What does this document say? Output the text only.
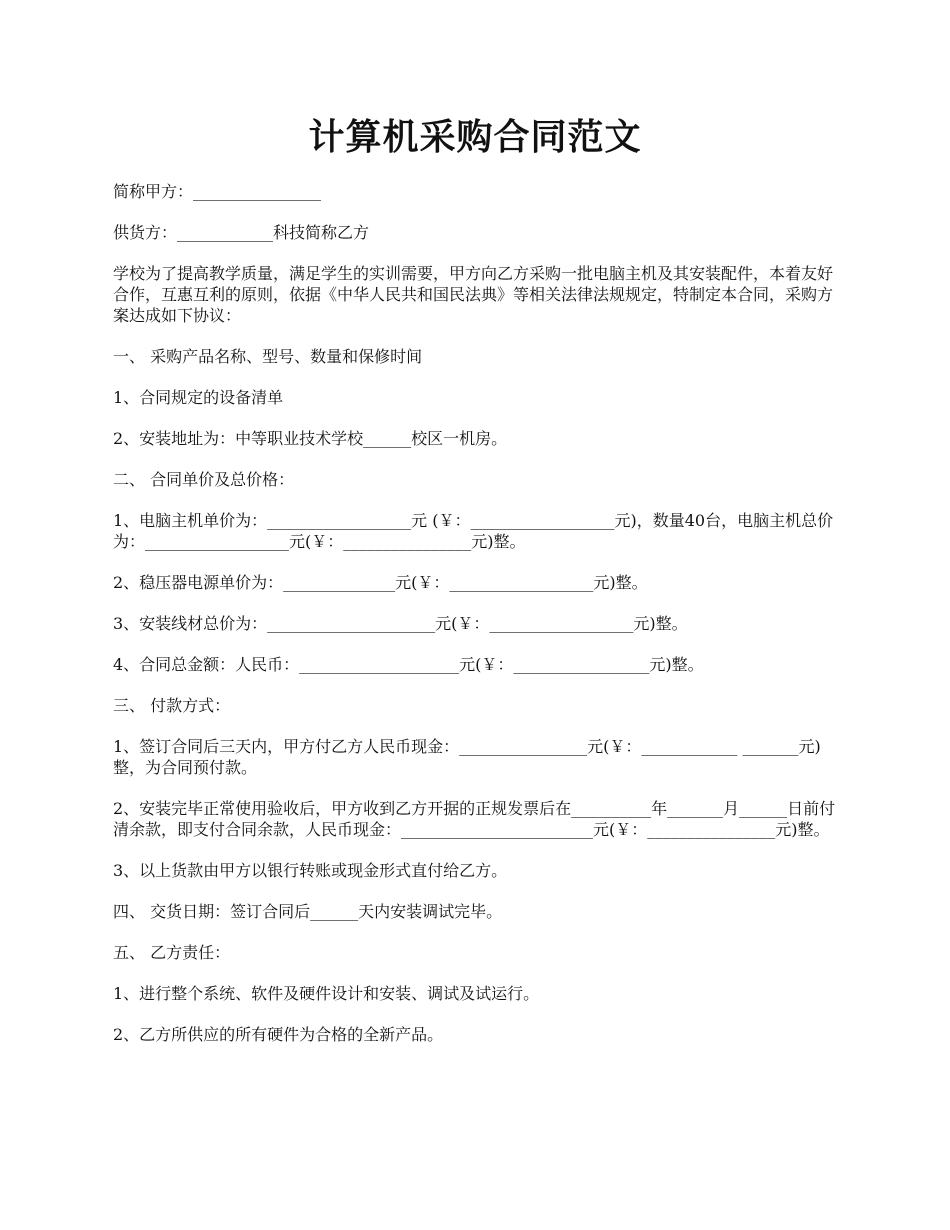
计算机采购合同范文

简称甲方：________________

供货方：____________科技简称乙方

学校为了提高教学质量，满足学生的实训需要，甲方向乙方采购一批电脑主机及其安装配件，本着友好合作，互惠互利的原则，依据《中华人民共和国民法典》等相关法律法规规定，特制定本合同，采购方案达成如下协议：

一、 采购产品名称、型号、数量和保修时间

1、合同规定的设备清单

2、安装地址为：中等职业技术学校______校区一机房。

二、 合同单价及总价格：

1、电脑主机单价为：__________________元 (￥：__________________元)，数量40台，电脑主机总价为：__________________元(￥：________________元)整。

2、稳压器电源单价为：______________元(￥：__________________元)整。

3、安装线材总价为：_____________________元(￥：__________________元)整。

4、合同总金额：人民币：____________________元(￥：_________________元)整。

三、 付款方式：

1、签订合同后三天内，甲方付乙方人民币现金：________________元(￥：____________ _______元)整，为合同预付款。

2、安装完毕正常使用验收后，甲方收到乙方开据的正规发票后在__________年_______月______日前付清余款，即支付合同余款，人民币现金：________________________元(￥：________________元)整。

3、以上货款由甲方以银行转账或现金形式直付给乙方。

四、 交货日期：签订合同后______天内安装调试完毕。

五、 乙方责任：

1、进行整个系统、软件及硬件设计和安装、调试及试运行。

2、乙方所供应的所有硬件为合格的全新产品。
